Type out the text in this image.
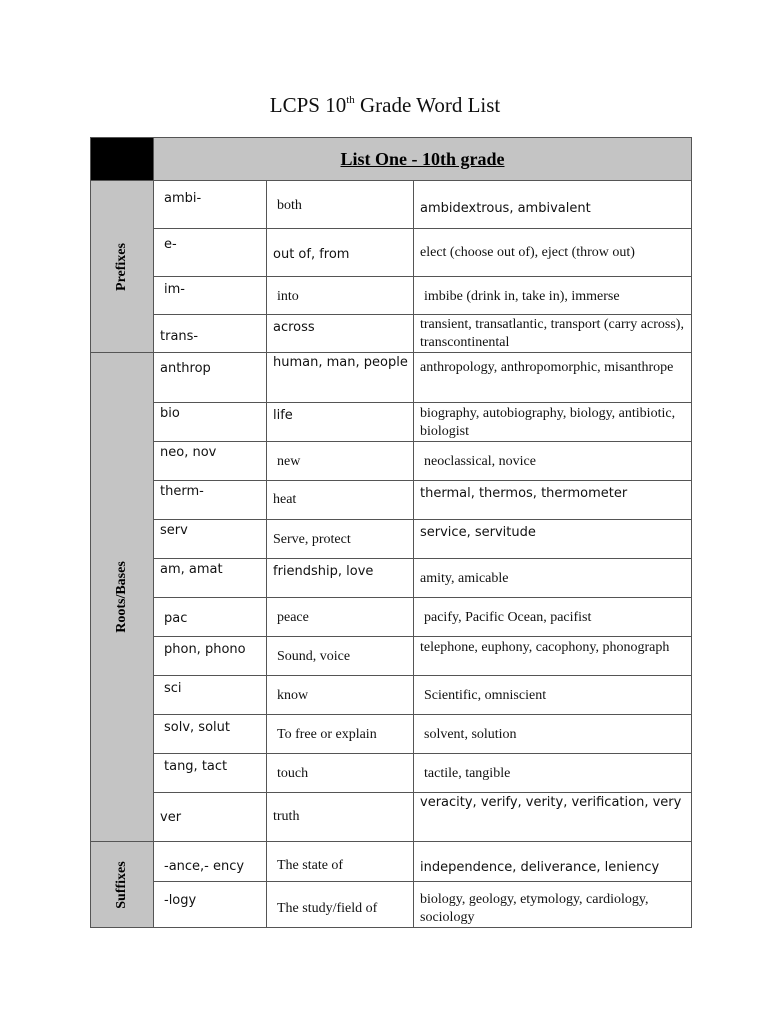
LCPS 10th Grade Word List
	List One - 10th grade		

Prefixes	ambi-	both	ambidextrous, ambivalent

	e-	out of, from	elect (choose out of), eject (throw out)

	im-	into	imbibe (drink in, take in), immerse

	trans-	across	transient, transatlantic, transport (carry across), transcontinental

Roots/Bases	anthrop	human, man, people	anthropology, anthropomorphic, misanthrope

	bio	life	biography, autobiography, biology, antibiotic, biologist

	neo, nov	new	neoclassical, novice

	therm-	heat	thermal, thermos, thermometer

	serv	Serve, protect	service, servitude

	am, amat	friendship, love	amity, amicable

	pac	peace	pacify, Pacific Ocean, pacifist

	phon, phono	Sound, voice	telephone, euphony, cacophony, phonograph

	sci	know	Scientific, omniscient

	solv, solut	To free or explain	solvent, solution

	tang, tact	touch	tactile, tangible

	ver	truth	veracity, verify, verity, verification, very

Suffixes	-ance,- ency	The state of	independence, deliverance, leniency

	-logy	The study/field of	biology, geology, etymology, cardiology, sociology
